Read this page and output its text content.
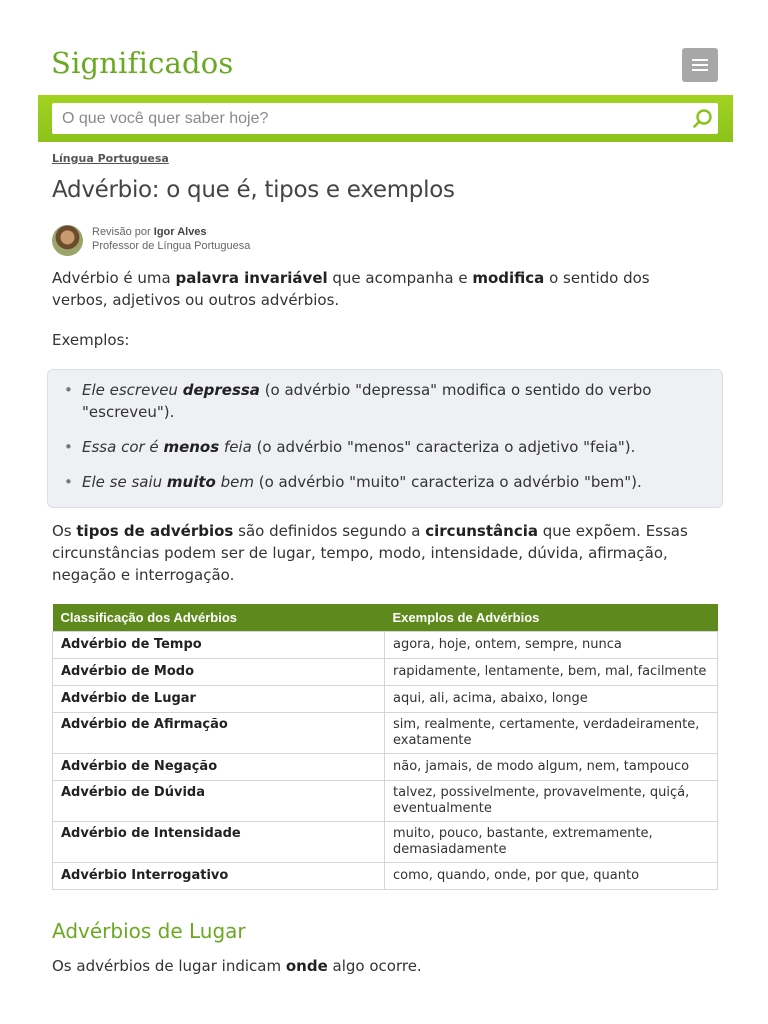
Significados
O que você quer saber hoje?
Língua Portuguesa
Advérbio: o que é, tipos e exemplos
Revisão por Igor Alves
Professor de Língua Portuguesa

Advérbio é uma palavra invariável que acompanha e modifica o sentido dos verbos, adjetivos ou outros advérbios.

Exemplos:

• Ele escreveu depressa (o advérbio "depressa" modifica o sentido do verbo "escreveu").
• Essa cor é menos feia (o advérbio "menos" caracteriza o adjetivo "feia").
• Ele se saiu muito bem (o advérbio "muito" caracteriza o advérbio "bem").

Os tipos de advérbios são definidos segundo a circunstância que expõem. Essas circunstâncias podem ser de lugar, tempo, modo, intensidade, dúvida, afirmação, negação e interrogação.

Classificação dos Advérbios	Exemplos de Advérbios
Advérbio de Tempo	agora, hoje, ontem, sempre, nunca
Advérbio de Modo	rapidamente, lentamente, bem, mal, facilmente
Advérbio de Lugar	aqui, ali, acima, abaixo, longe
Advérbio de Afirmação	sim, realmente, certamente, verdadeiramente, exatamente
Advérbio de Negação	não, jamais, de modo algum, nem, tampouco
Advérbio de Dúvida	talvez, possivelmente, provavelmente, quiçá, eventualmente
Advérbio de Intensidade	muito, pouco, bastante, extremamente, demasiadamente
Advérbio Interrogativo	como, quando, onde, por que, quanto
Advérbios de Lugar

Os advérbios de lugar indicam onde algo ocorre.
